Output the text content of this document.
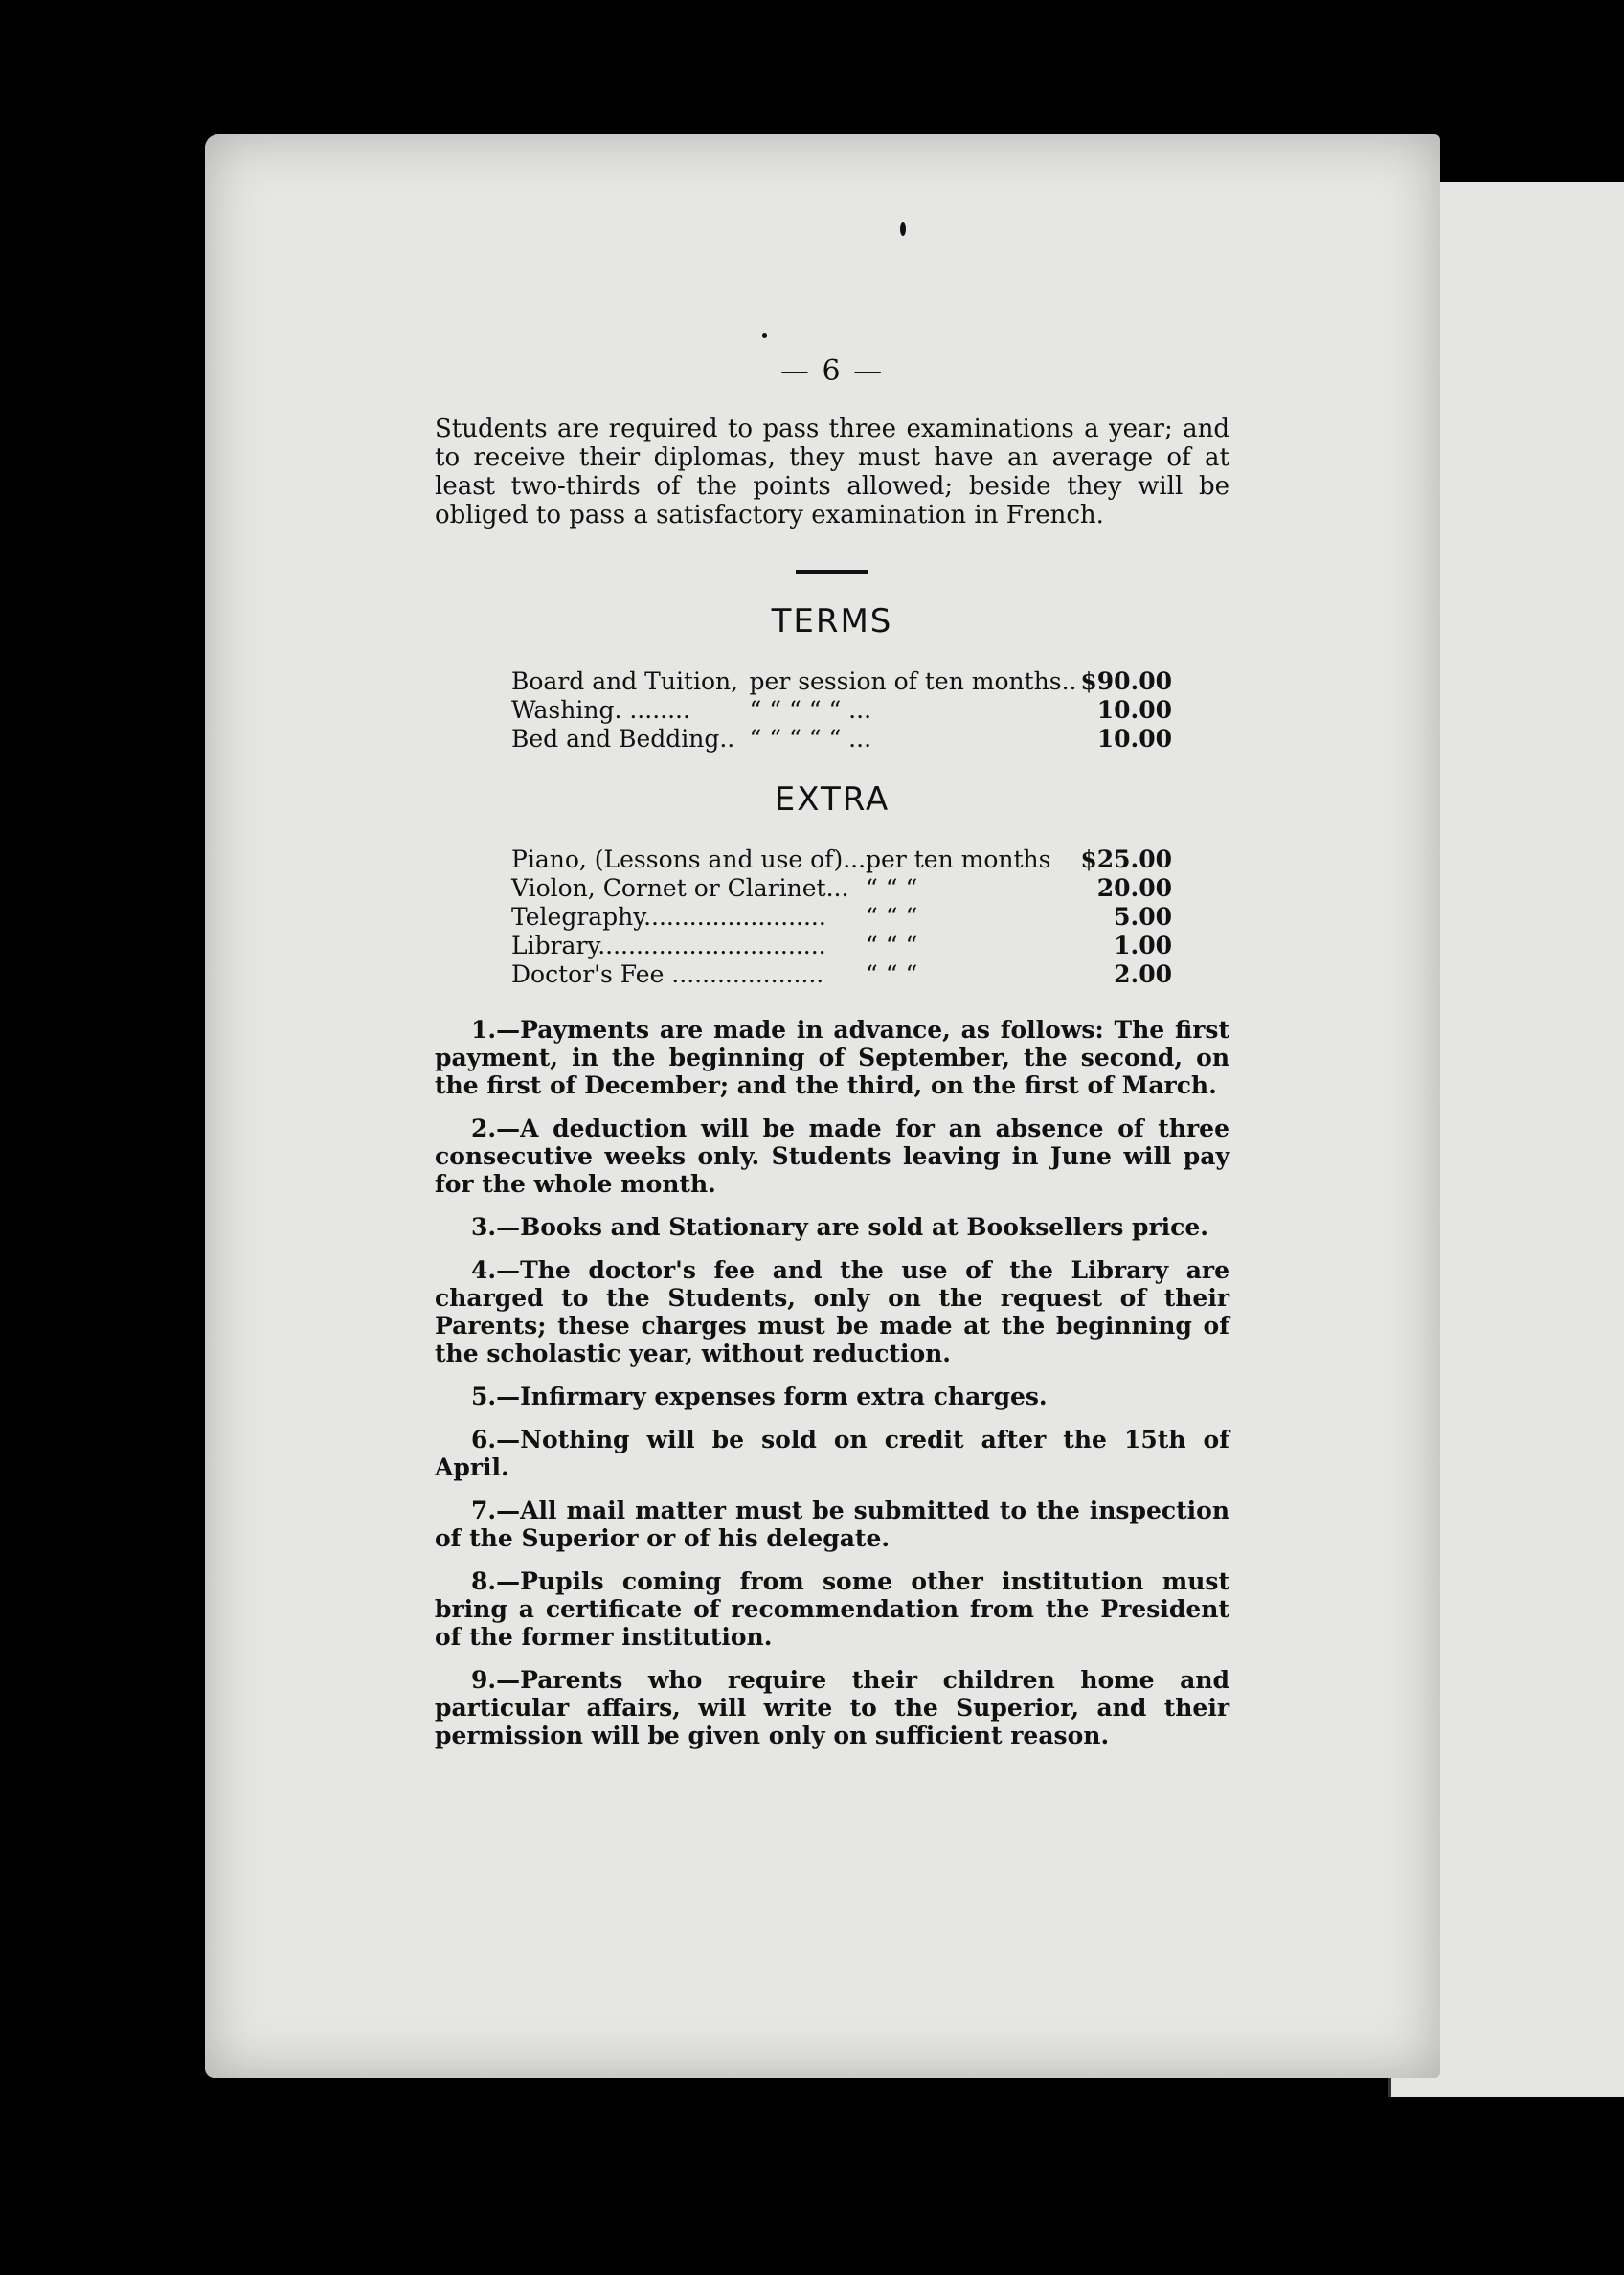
— 6 —

Students are required to pass three examinations a year; and to receive their diplomas, they must have an average of at least two-thirds of the points allowed; beside they will be obliged to pass a satisfactory examination in French.

TERMS
Board and Tuition,	per session of ten months..	$90.00
Washing. ........	“ “ “ “ “ ...	10.00
Bed and Bedding..	“ “ “ “ “ ...	10.00
EXTRA
Piano, (Lessons and use of)...	per ten months	$25.00
Violon, Cornet or Clarinet...	“ “ “	20.00
Telegraphy........................	“ “ “	5.00
Library..............................	“ “ “	1.00
Doctor's Fee ....................	“ “ “	2.00
1.—Payments are made in advance, as follows: The first payment, in the beginning of September, the second, on the first of December; and the third, on the first of March.
2.—A deduction will be made for an absence of three consecutive weeks only. Students leaving in June will pay for the whole month.
3.—Books and Stationary are sold at Booksellers price.
4.—The doctor's fee and the use of the Library are charged to the Students, only on the request of their Parents; these charges must be made at the beginning of the scholastic year, without reduction.
5.—Infirmary expenses form extra charges.
6.—Nothing will be sold on credit after the 15th of April.
7.—All mail matter must be submitted to the inspection of the Superior or of his delegate.
8.—Pupils coming from some other institution must bring a certificate of recommendation from the President of the former institution.
9.—Parents who require their children home and particular affairs, will write to the Superior, and their permission will be given only on sufficient reason.
